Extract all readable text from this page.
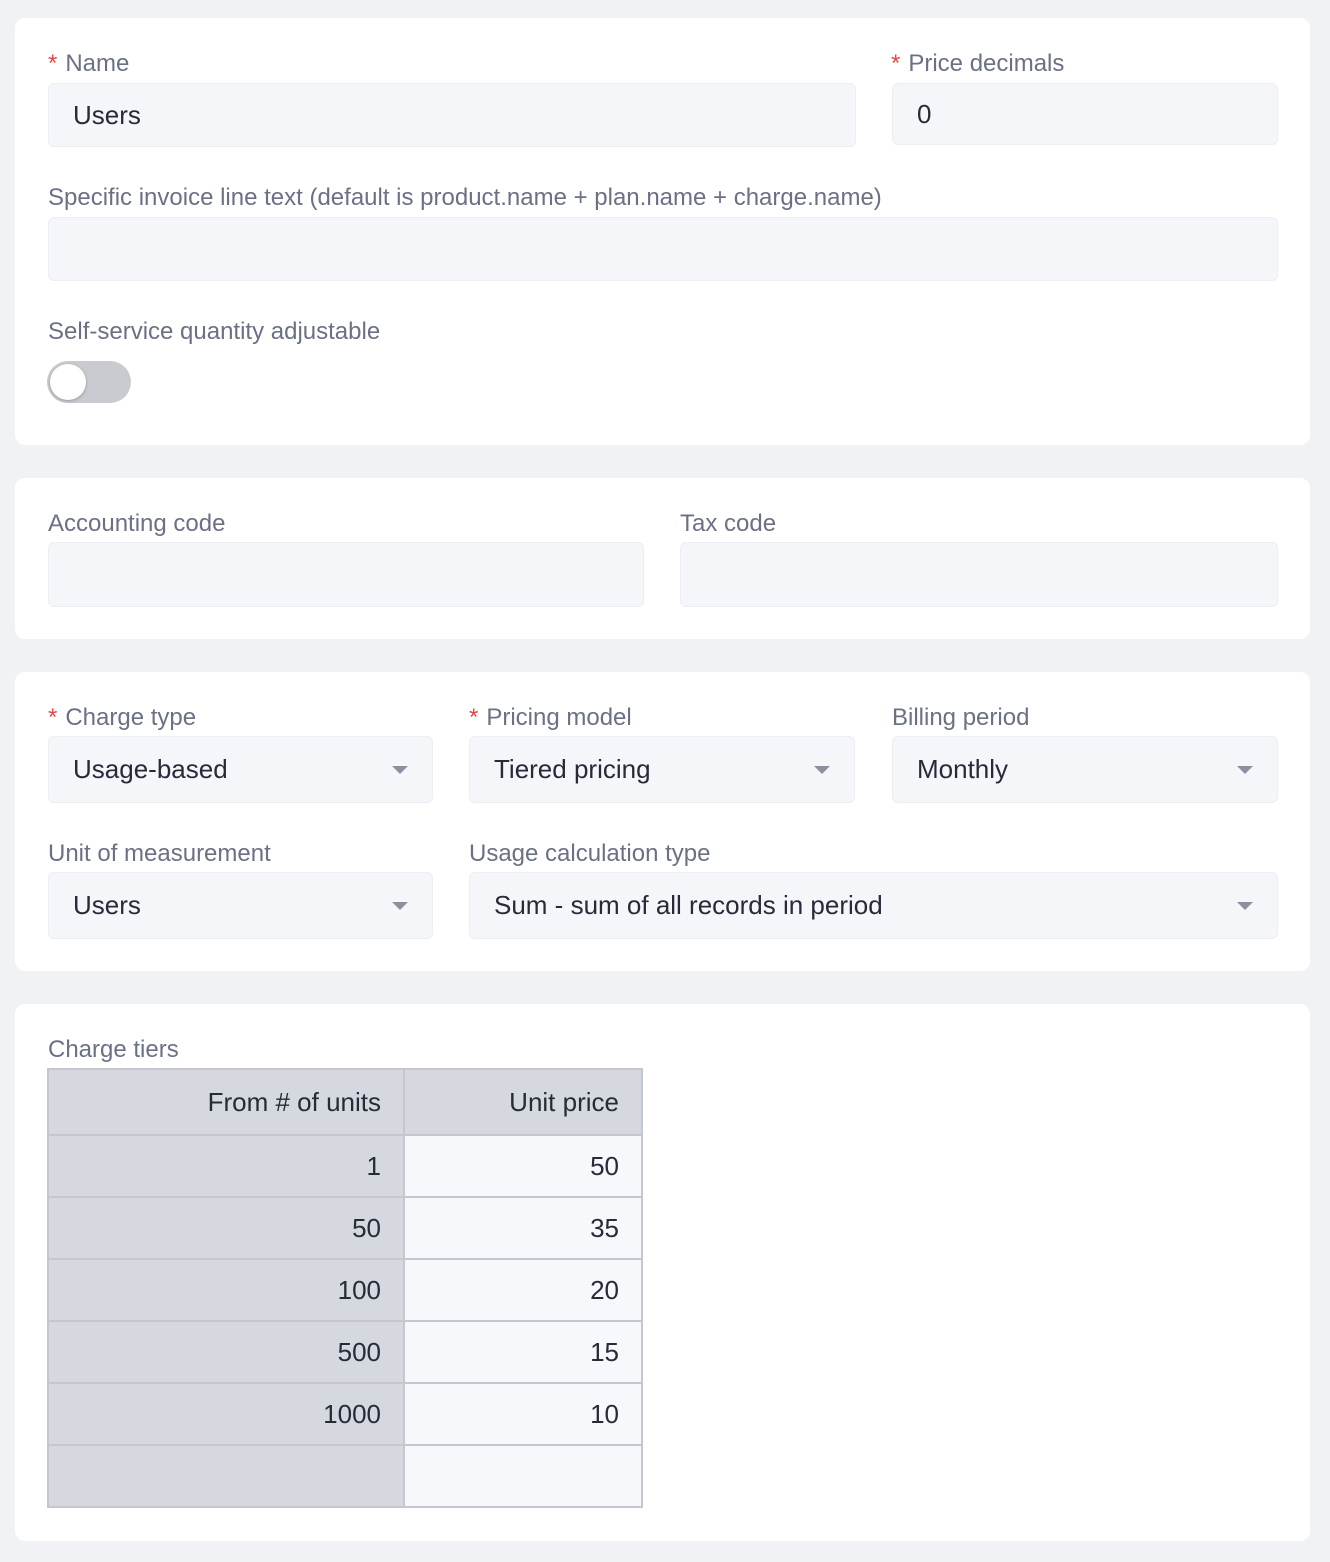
* Name
Users
* Price decimals
0
Specific invoice line text (default is product.name + plan.name + charge.name)
Self-service quantity adjustable
Accounting code	Tax code
* Charge type
Usage-based
* Pricing model
Tiered pricing
Billing period
Monthly
Unit of measurement
Users
Usage calculation type
Sum - sum of all records in period
Charge tiers
From # of units	Unit price
1	50
50	35
100	20
500	15
1000	10
